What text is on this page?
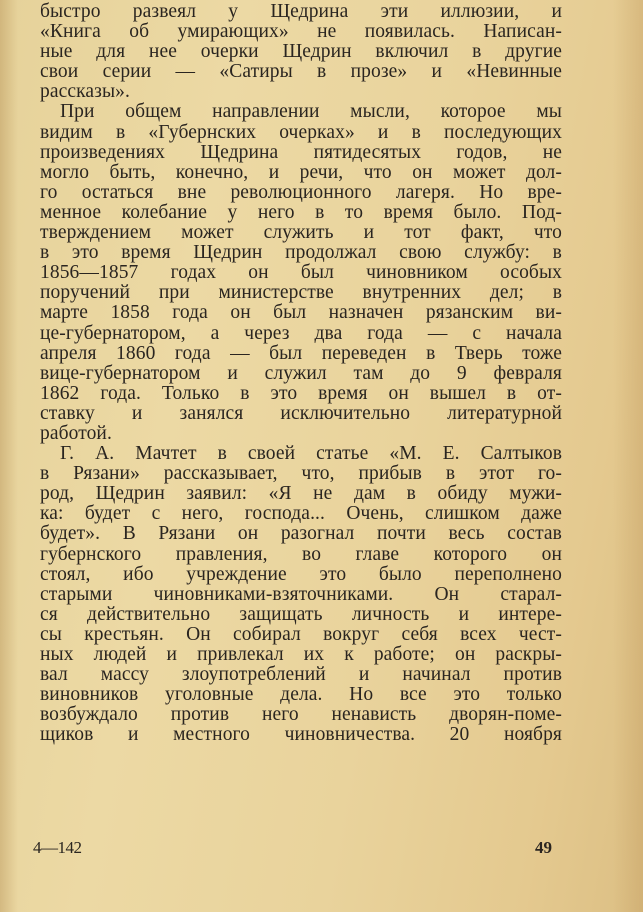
быстро развеял у Щедрина эти иллюзии, и
«Книга об умирающих» не появилась. Написан-
ные для нее очерки Щедрин включил в другие
свои серии — «Сатиры в прозе» и «Невинные
рассказы».
При общем направлении мысли, которое мы
видим в «Губернских очерках» и в последующих
произведениях Щедрина пятидесятых годов, не
могло быть, конечно, и речи, что он может дол-
го остаться вне революционного лагеря. Но вре-
менное колебание у него в то время было. Под-
тверждением может служить и тот факт, что
в это время Щедрин продолжал свою службу: в
1856—1857 годах он был чиновником особых
поручений при министерстве внутренних дел; в
марте 1858 года он был назначен рязанским ви-
це-губернатором, а через два года — с начала
апреля 1860 года — был переведен в Тверь тоже
вице-губернатором и служил там до 9 февраля
1862 года. Только в это время он вышел в от-
ставку и занялся исключительно литературной
работой.
Г. А. Мачтет в своей статье «М. Е. Салтыков
в Рязани» рассказывает, что, прибыв в этот го-
род, Щедрин заявил: «Я не дам в обиду мужи-
ка: будет с него, господа... Очень, слишком даже
будет». В Рязани он разогнал почти весь состав
губернского правления, во главе которого он
стоял, ибо учреждение это было переполнено
старыми чиновниками-взяточниками. Он старал-
ся действительно защищать личность и интере-
сы крестьян. Он собирал вокруг себя всех чест-
ных людей и привлекал их к работе; он раскры-
вал массу злоупотреблений и начинал против
виновников уголовные дела. Но все это только
возбуждало против него ненависть дворян-поме-
щиков и местного чиновничества. 20 ноября
4—142	49
